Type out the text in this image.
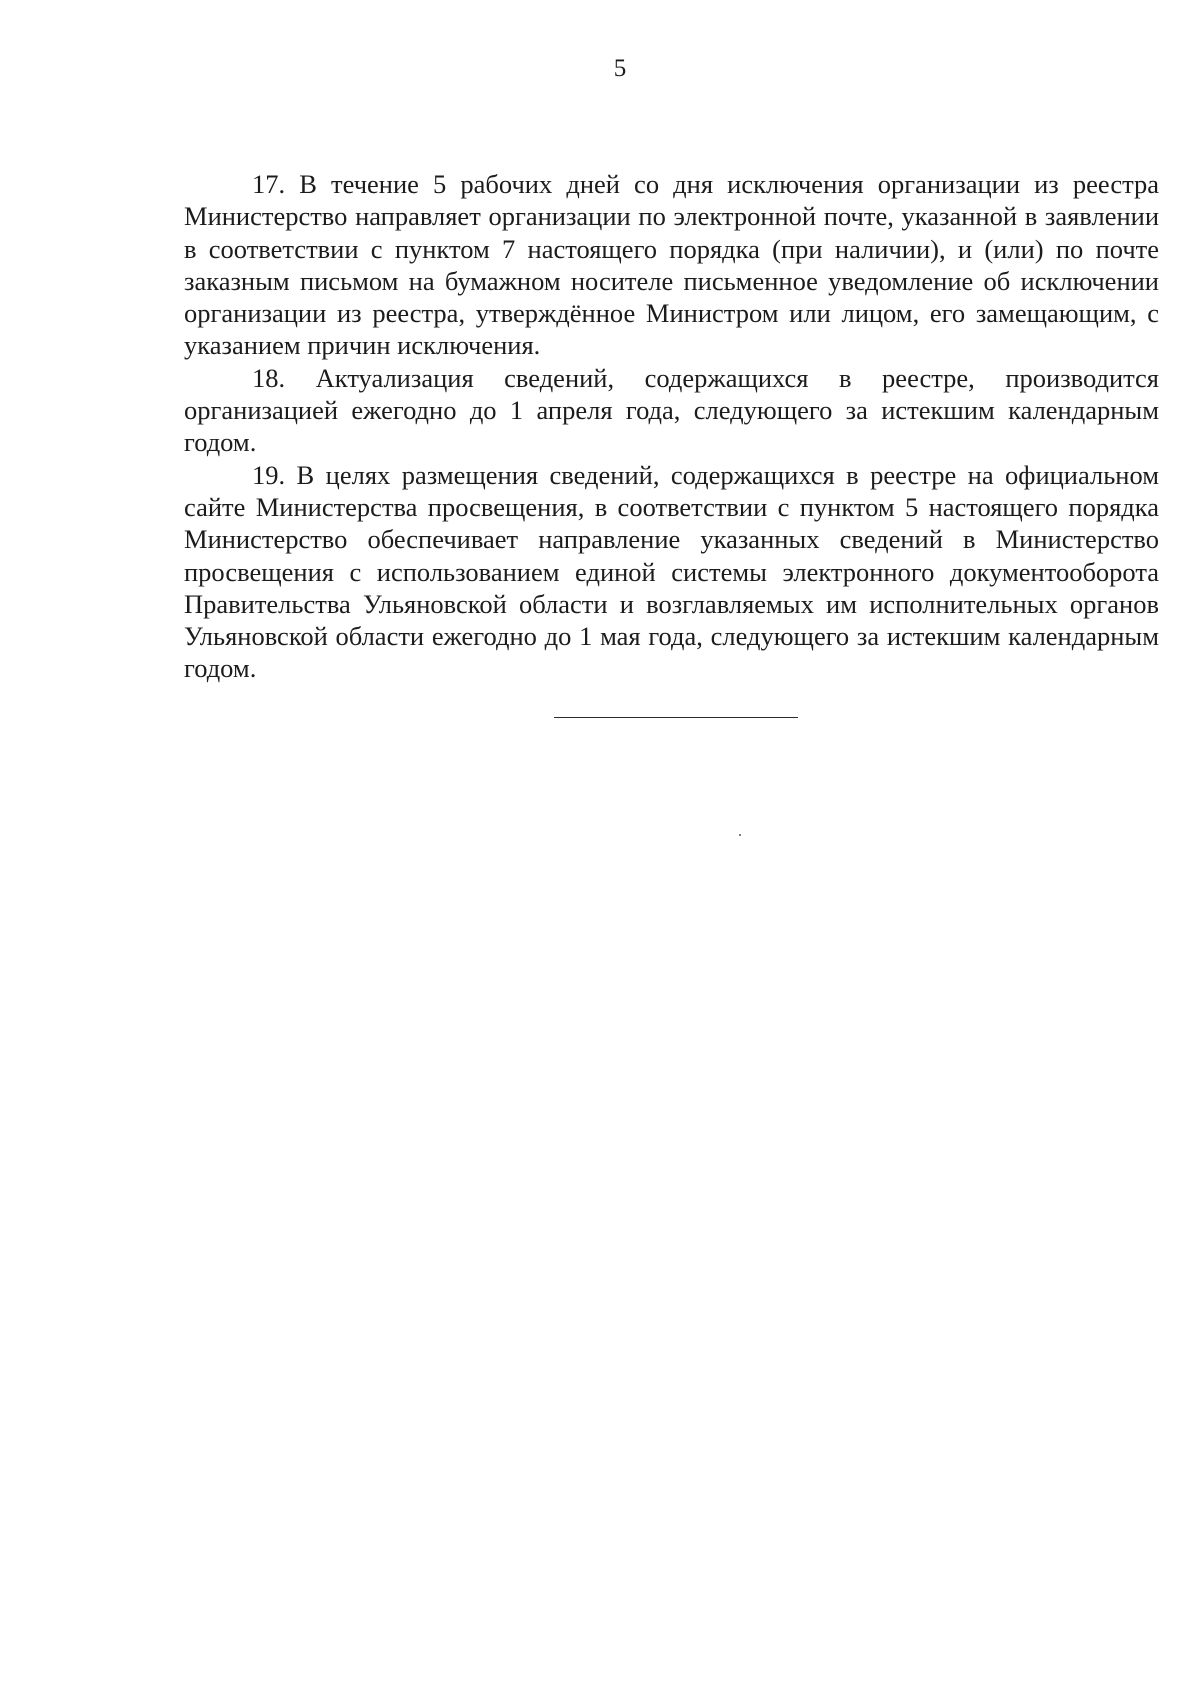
5

17. В течение 5 рабочих дней со дня исключения организации из реестра Министерство направляет организации по электронной почте, указанной в заявлении в соответствии с пунктом 7 настоящего порядка (при наличии), и (или) по почте заказным письмом на бумажном носителе письменное уведомление об исключении организации из реестра, утверждённое Министром или лицом, его замещающим, с указанием причин исключения.

18. Актуализация сведений, содержащихся в реестре, производится организацией ежегодно до 1 апреля года, следующего за истекшим календарным годом.

19. В целях размещения сведений, содержащихся в реестре на официальном сайте Министерства просвещения, в соответствии с пунктом 5 настоящего порядка Министерство обеспечивает направление указанных сведений в Министерство просвещения с использованием единой системы электронного документооборота Правительства Ульяновской области и возглавляемых им исполнительных органов Ульяновской области ежегодно до 1 мая года, следующего за истекшим календарным годом.
